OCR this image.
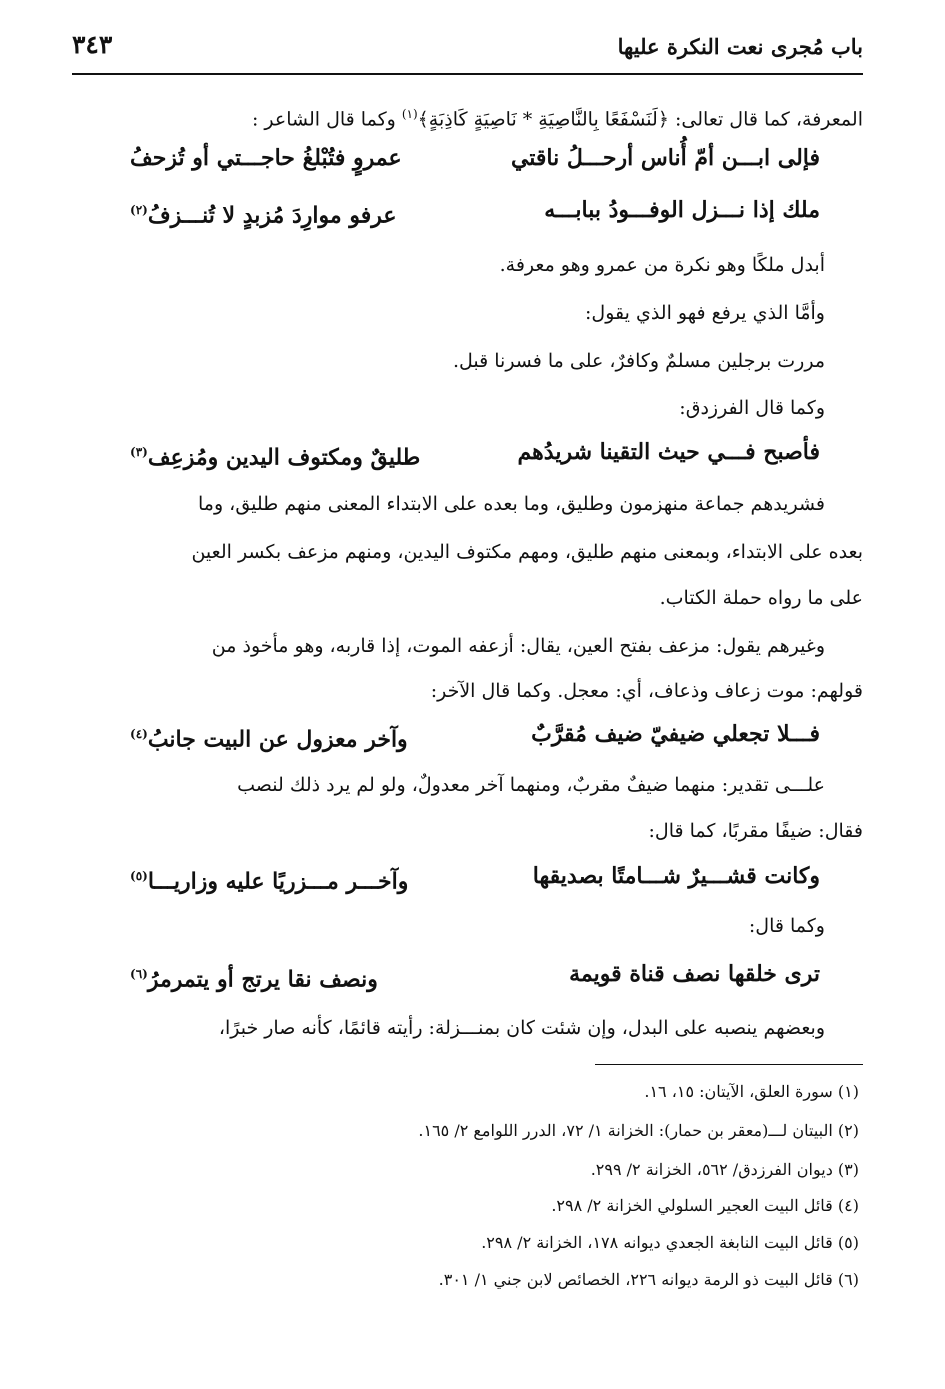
باب مُجرى نعت النكرة عليها
٣٤٣
المعرفة، كما قال تعالى: ﴿لَنَسْفَعًا بِالنَّاصِيَةِ * نَاصِيَةٍ كَاذِبَةٍ﴾$^{(١)}$ وكما قال الشاعر :
فإلى ابـــن أمّ أُناس أرحـــلُ ناقتي
عمروٍ فتُبْلغُ حاجـــتي أو تُزحفُ
ملك إذا نـــزل الوفـــودُ ببابـــه
عرفو موارِدَ مُزبدٍ لا تُنـــزفُ$^{(٢)}$
أبدل ملكًا وهو نكرة من عمرو وهو معرفة.
وأمَّا الذي يرفع فهو الذي يقول:
مررت برجلين مسلمٌ وكافرٌ، على ما فسرنا قبل.
وكما قال الفرزدق:
فأصبح فـــي حيث التقينا شريدُهم
طليقٌ ومكتوف اليدين ومُزعِف$^{(٣)}$
فشريدهم جماعة منهزمون وطليق، وما بعده على الابتداء المعنى منهم طليق، وما
بعده على الابتداء، وبمعنى منهم طليق، ومهم مكتوف اليدين، ومنهم مزعف بكسر العين
على ما رواه حملة الكتاب.
وغيرهم يقول: مزعف بفتح العين، يقال: أزعفه الموت، إذا قاربه، وهو مأخوذ من
قولهم: موت زعاف وذعاف، أي: معجل. وكما قال الآخر:
فـــلا تجعلي ضيفيّ ضيف مُقرَّبٌ
وآخر معزول عن البيت جانبُ$^{(٤)}$
علـــى تقدير: منهما ضيفٌ مقربٌ، ومنهما آخر معدولٌ، ولو لم يرد ذلك لنصب
فقال: ضيفًا مقربًا، كما قال:
وكانت قشـــيرٌ شـــامتًا بصديقها
وآخـــر مـــزريًا عليه وزاريـــا$^{(٥)}$
وكما قال:
ترى خلقها نصف قناة قويمة
ونصف نقا يرتج أو يتمرمرُ$^{(٦)}$
وبعضهم ينصبه على البدل، وإن شئت كان بمنـــزلة: رأيته قائمًا، كأنه صار خبرًا،
(١) سورة العلق، الآيتان: ١٥، ١٦.
(٢) البيتان لـــ(معقر بن حمار): الخزانة ١/ ٧٢، الدرر اللوامع ٢/ ١٦٥.
(٣) ديوان الفرزدق/ ٥٦٢، الخزانة ٢/ ٢٩٩.
(٤) قائل البيت العجير السلولي الخزانة ٢/ ٢٩٨.
(٥) قائل البيت النابغة الجعدي ديوانه ١٧٨، الخزانة ٢/ ٢٩٨.
(٦) قائل البيت ذو الرمة ديوانه ٢٢٦، الخصائص لابن جني ١/ ٣٠١.
